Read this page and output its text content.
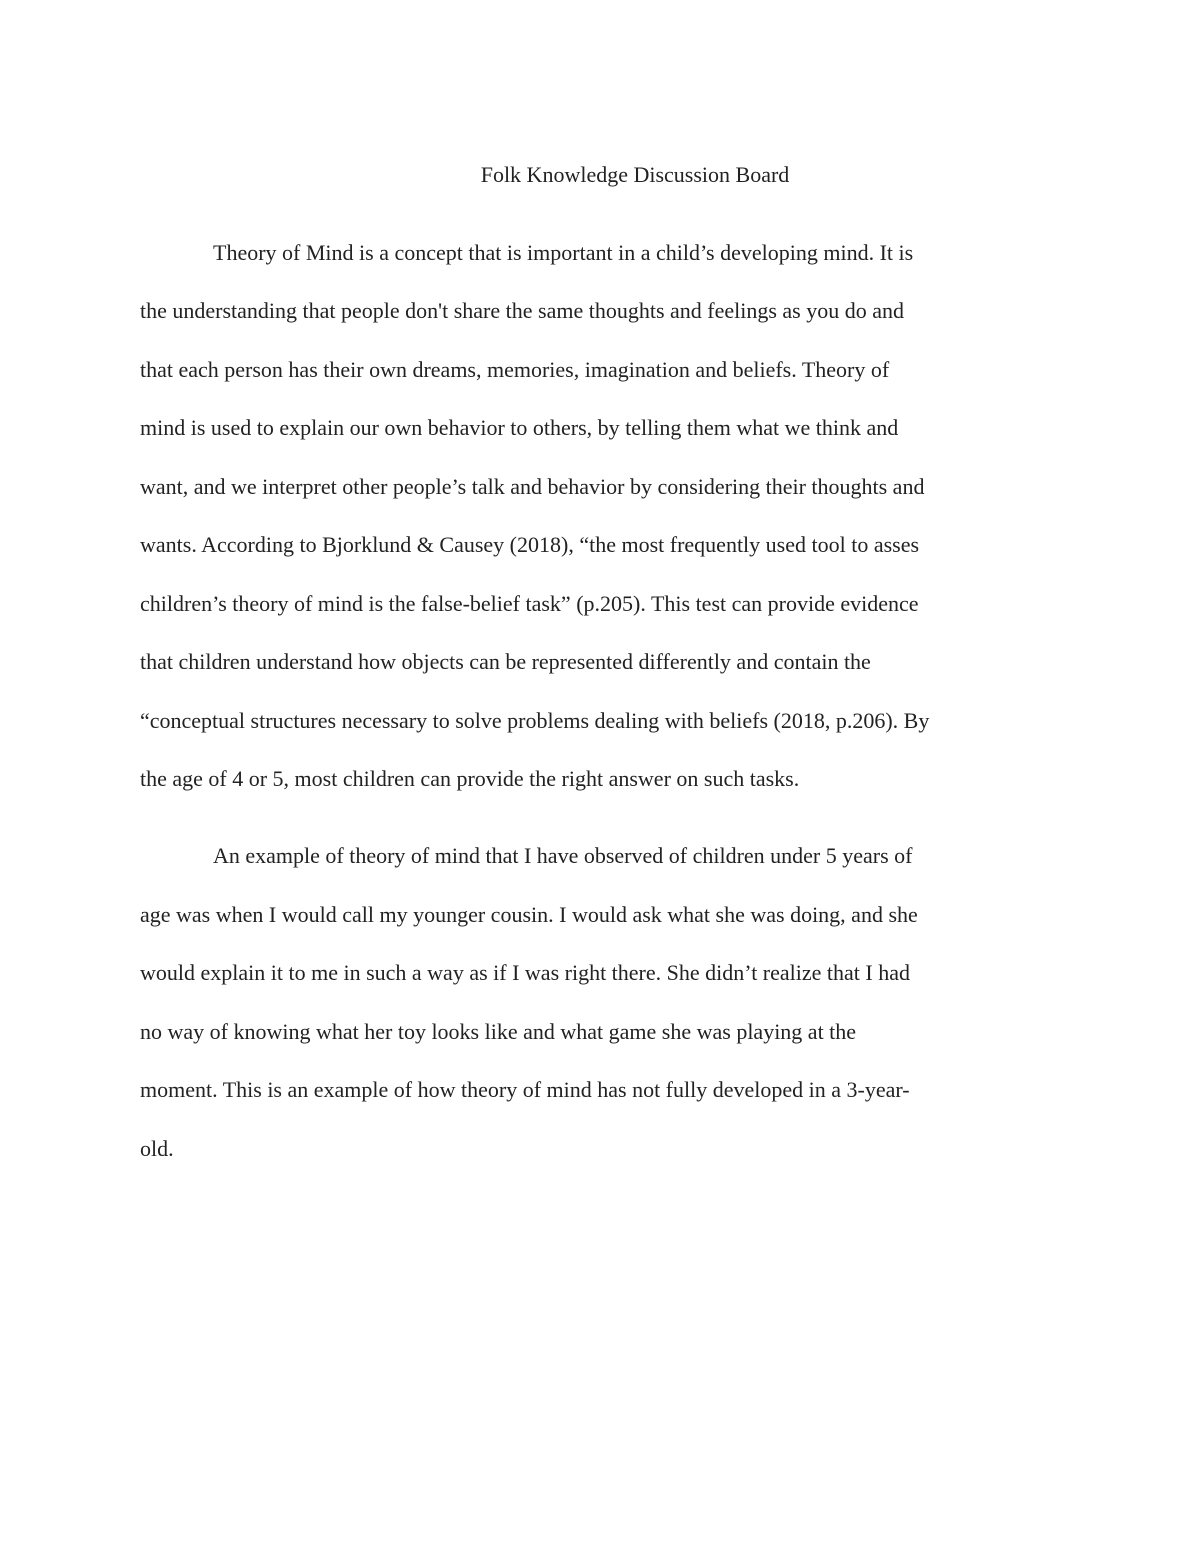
Folk Knowledge Discussion Board

Theory of Mind is a concept that is important in a child’s developing mind. It is

the understanding that people don't share the same thoughts and feelings as you do and

that each person has their own dreams, memories, imagination and beliefs. Theory of

mind is used to explain our own behavior to others, by telling them what we think and

want, and we interpret other people’s talk and behavior by considering their thoughts and

wants. According to Bjorklund & Causey (2018), “the most frequently used tool to asses

children’s theory of mind is the false-belief task” (p.205). This test can provide evidence

that children understand how objects can be represented differently and contain the

“conceptual structures necessary to solve problems dealing with beliefs (2018, p.206). By

the age of 4 or 5, most children can provide the right answer on such tasks.

An example of theory of mind that I have observed of children under 5 years of

age was when I would call my younger cousin. I would ask what she was doing, and she

would explain it to me in such a way as if I was right there. She didn’t realize that I had

no way of knowing what her toy looks like and what game she was playing at the

moment. This is an example of how theory of mind has not fully developed in a 3-year-

old.
